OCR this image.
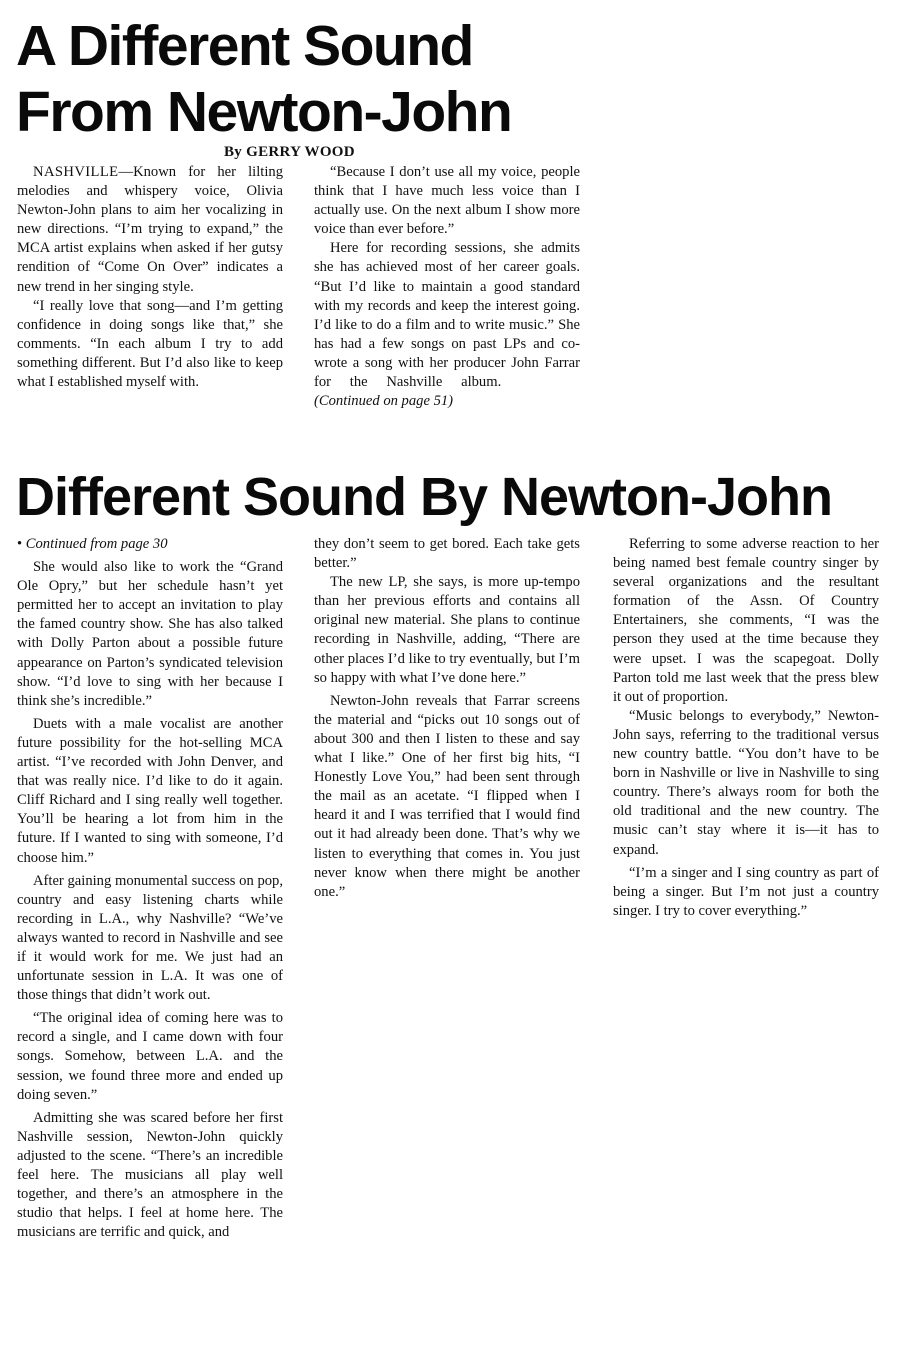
A Different Sound
From Newton-John
By GERRY WOOD

NASHVILLE—Known for her lilting melodies and whispery voice, Olivia Newton-John plans to aim her vocalizing in new directions. “I’m trying to expand,” the MCA artist explains when asked if her gutsy rendition of “Come On Over” indicates a new trend in her singing style.

“I really love that song—and I’m getting confidence in doing songs like that,” she comments. “In each album I try to add something different. But I’d also like to keep what I established myself with.

“Because I don’t use all my voice, people think that I have much less voice than I actually use. On the next album I show more voice than ever before.”

Here for recording sessions, she admits she has achieved most of her career goals. “But I’d like to maintain a good standard with my records and keep the interest going. I’d like to do a film and to write music.” She has had a few songs on past LPs and co-wrote a song with her producer John Farrar for the Nashville album.      (Continued on page 51)

Different Sound By Newton-John

• Continued from page 30

She would also like to work the “Grand Ole Opry,” but her schedule hasn’t yet permitted her to accept an invitation to play the famed country show. She has also talked with Dolly Parton about a possible future appearance on Parton’s syndicated television show. “I’d love to sing with her because I think she’s incredible.”

Duets with a male vocalist are another future possibility for the hot-selling MCA artist. “I’ve recorded with John Denver, and that was really nice. I’d like to do it again. Cliff Richard and I sing really well together. You’ll be hearing a lot from him in the future. If I wanted to sing with someone, I’d choose him.”

After gaining monumental success on pop, country and easy listening charts while recording in L.A., why Nashville? “We’ve always wanted to record in Nashville and see if it would work for me. We just had an unfortunate session in L.A. It was one of those things that didn’t work out.

“The original idea of coming here was to record a single, and I came down with four songs. Somehow, between L.A. and the session, we found three more and ended up doing seven.”

Admitting she was scared before her first Nashville session, Newton-John quickly adjusted to the scene. “There’s an incredible feel here. The musicians all play well together, and there’s an atmosphere in the studio that helps. I feel at home here. The musicians are terrific and quick, and

they don’t seem to get bored. Each take gets better.”

The new LP, she says, is more up-tempo than her previous efforts and contains all original new material. She plans to continue recording in Nashville, adding, “There are other places I’d like to try eventually, but I’m so happy with what I’ve done here.”

Newton-John reveals that Farrar screens the material and “picks out 10 songs out of about 300 and then I listen to these and say what I like.” One of her first big hits, “I Honestly Love You,” had been sent through the mail as an acetate. “I flipped when I heard it and I was terrified that I would find out it had already been done. That’s why we listen to everything that comes in. You just never know when there might be another one.”

Referring to some adverse reaction to her being named best female country singer by several organizations and the resultant formation of the Assn. Of Country Entertainers, she comments, “I was the person they used at the time because they were upset. I was the scapegoat. Dolly Parton told me last week that the press blew it out of proportion.

“Music belongs to everybody,” Newton-John says, referring to the traditional versus new country battle. “You don’t have to be born in Nashville or live in Nashville to sing country. There’s always room for both the old traditional and the new country. The music can’t stay where it is—it has to expand.

“I’m a singer and I sing country as part of being a singer. But I’m not just a country singer. I try to cover everything.”
